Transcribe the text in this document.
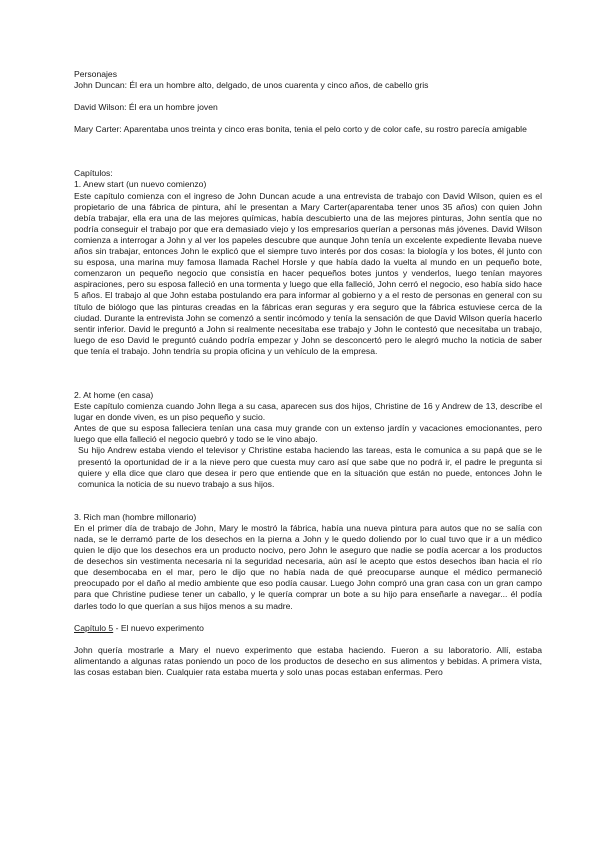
Personajes

John Duncan: Él era un hombre alto, delgado, de unos cuarenta y cinco años, de cabello gris

David Wilson: Él era un hombre joven

Mary Carter: Aparentaba unos treinta y cinco eras bonita, tenia el pelo corto y de color cafe, su rostro parecía amigable

Capítulos:

1. Anew start (un nuevo comienzo)

Este capítulo comienza con el ingreso de John Duncan acude a una entrevista de trabajo con David Wilson, quien es el propietario de una fábrica de pintura, ahí le presentan a Mary Carter(aparentaba tener unos 35 años) con quien John debía trabajar, ella era una de las mejores químicas, había descubierto una de las mejores pinturas, John sentía que no podría conseguir el trabajo por que era demasiado viejo y los empresarios querían a personas más jóvenes. David Wilson comienza a interrogar a John y al ver los papeles descubre que aunque John tenía un excelente expediente llevaba nueve años sin trabajar, entonces John le explicó que el siempre tuvo interés por dos cosas: la biología y los botes, él junto con su esposa, una marina muy famosa llamada Rachel Horsle y que había dado la vuelta al mundo en un pequeño bote, comenzaron un pequeño negocio que consistía en hacer pequeños botes juntos y venderlos, luego tenían mayores aspiraciones, pero su esposa falleció en una tormenta y luego que ella falleció, John cerró el negocio, eso había sido hace 5 años. El trabajo al que John estaba postulando era para informar al gobierno y a el resto de personas en general con su título de biólogo que las pinturas creadas en la fábricas eran seguras y era seguro que la fábrica estuviese cerca de la ciudad. Durante la entrevista John se comenzó a sentir incómodo y tenía la sensación de que David Wilson quería hacerlo sentir inferior. David le preguntó a John si realmente necesitaba ese trabajo y John le contestó que necesitaba un trabajo, luego de eso David le preguntó cuándo podría empezar y John se desconcertó pero le alegró mucho la noticia de saber que tenía el trabajo. John tendría su propia oficina y un vehículo de la empresa.

2. At home (en casa)

Este capítulo comienza cuando John llega a su casa, aparecen sus dos hijos, Christine de 16 y Andrew de 13, describe el lugar en donde viven, es un piso pequeño y sucio.

Antes de que su esposa falleciera tenían una casa muy grande con un extenso jardín y vacaciones emocionantes, pero luego que ella falleció el negocio quebró y todo se le vino abajo.

Su hijo Andrew estaba viendo el televisor y Christine estaba haciendo las tareas, esta le comunica a su papá que se le presentó la oportunidad de ir a la nieve pero que cuesta muy caro así que sabe que no podrá ir, el padre le pregunta si quiere y ella dice que claro que desea ir pero que entiende que en la situación que están no puede, entonces John le comunica la noticia de su nuevo trabajo a sus hijos.

3. Rich man (hombre millonario)

En el primer día de trabajo de John, Mary le mostró la fábrica, había una nueva pintura para autos que no se salía con nada, se le derramó parte de los desechos en la pierna a John y le quedo doliendo por lo cual tuvo que ir a un médico quien le dijo que los desechos era un producto nocivo, pero John le aseguro que nadie se podía acercar a los productos de desechos sin vestimenta necesaria ni la seguridad necesaria, aún así le acepto que estos desechos iban hacia el río que desembocaba en el mar, pero le dijo que no había nada de qué preocuparse aunque el médico permaneció preocupado por el daño al medio ambiente que eso podía causar. Luego John compró una gran casa con un gran campo para que Christine pudiese tener un caballo, y le quería comprar un bote a su hijo para enseñarle a navegar... él podía darles todo lo que querían a sus hijos menos a su madre.

Capítulo 5 - El nuevo experimento

John quería mostrarle a Mary el nuevo experimento que estaba haciendo. Fueron a su laboratorio. Allí, estaba alimentando a algunas ratas poniendo un poco de los productos de desecho en sus alimentos y bebidas. A primera vista, las cosas estaban bien. Cualquier rata estaba muerta y solo unas pocas estaban enfermas. Pero
